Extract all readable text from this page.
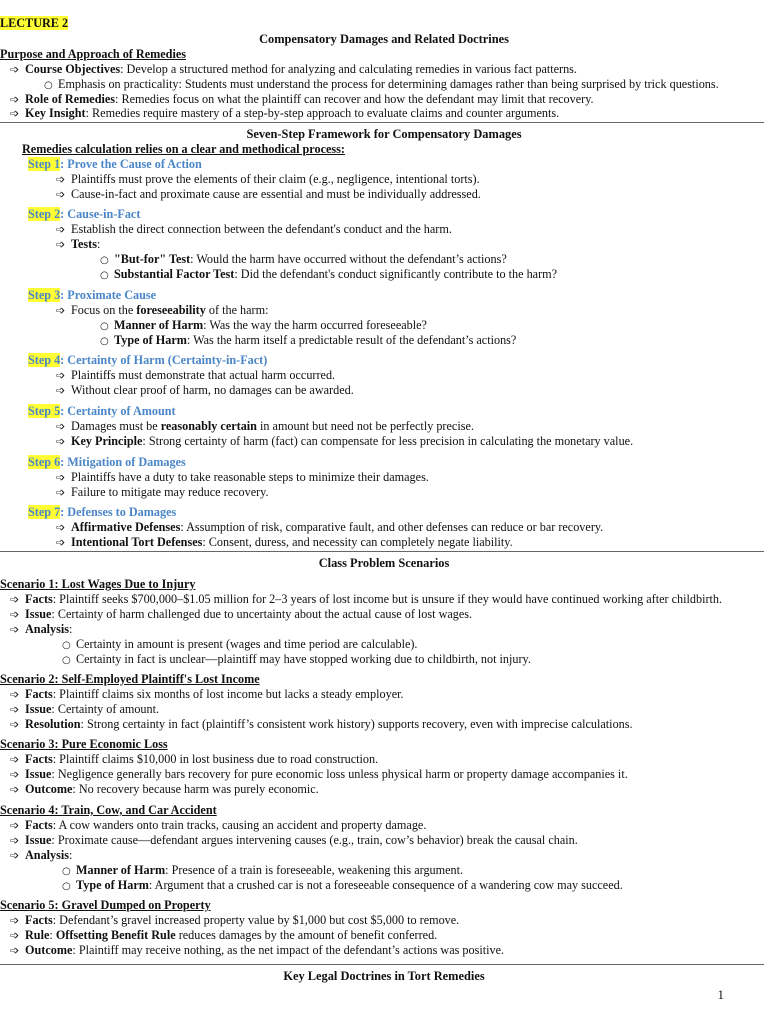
LECTURE 2
Compensatory Damages and Related Doctrines
Purpose and Approach of Remedies
➩ Course Objectives: Develop a structured method for analyzing and calculating remedies in various fact patterns.
○ Emphasis on practicality: Students must understand the process for determining damages rather than being surprised by trick questions.
➩ Role of Remedies: Remedies focus on what the plaintiff can recover and how the defendant may limit that recovery.
➩ Key Insight: Remedies require mastery of a step-by-step approach to evaluate claims and counter arguments.
Seven-Step Framework for Compensatory Damages
Remedies calculation relies on a clear and methodical process:
Step 1: Prove the Cause of Action
➩ Plaintiffs must prove the elements of their claim (e.g., negligence, intentional torts).
➩ Cause-in-fact and proximate cause are essential and must be individually addressed.
Step 2: Cause-in-Fact
➩ Establish the direct connection between the defendant's conduct and the harm.
➩ Tests:
○ "But-for" Test: Would the harm have occurred without the defendant’s actions?
○ Substantial Factor Test: Did the defendant's conduct significantly contribute to the harm?
Step 3: Proximate Cause
➩ Focus on the foreseeability of the harm:
○ Manner of Harm: Was the way the harm occurred foreseeable?
○ Type of Harm: Was the harm itself a predictable result of the defendant’s actions?
Step 4: Certainty of Harm (Certainty-in-Fact)
➩ Plaintiffs must demonstrate that actual harm occurred.
➩ Without clear proof of harm, no damages can be awarded.
Step 5: Certainty of Amount
➩ Damages must be reasonably certain in amount but need not be perfectly precise.
➩ Key Principle: Strong certainty of harm (fact) can compensate for less precision in calculating the monetary value.
Step 6: Mitigation of Damages
➩ Plaintiffs have a duty to take reasonable steps to minimize their damages.
➩ Failure to mitigate may reduce recovery.
Step 7: Defenses to Damages
➩ Affirmative Defenses: Assumption of risk, comparative fault, and other defenses can reduce or bar recovery.
➩ Intentional Tort Defenses: Consent, duress, and necessity can completely negate liability.
Class Problem Scenarios
Scenario 1: Lost Wages Due to Injury
➩ Facts: Plaintiff seeks $700,000–$1.05 million for 2–3 years of lost income but is unsure if they would have continued working after childbirth.
➩ Issue: Certainty of harm challenged due to uncertainty about the actual cause of lost wages.
➩ Analysis:
○ Certainty in amount is present (wages and time period are calculable).
○ Certainty in fact is unclear—plaintiff may have stopped working due to childbirth, not injury.
Scenario 2: Self-Employed Plaintiff's Lost Income
➩ Facts: Plaintiff claims six months of lost income but lacks a steady employer.
➩ Issue: Certainty of amount.
➩ Resolution: Strong certainty in fact (plaintiff’s consistent work history) supports recovery, even with imprecise calculations.
Scenario 3: Pure Economic Loss
➩ Facts: Plaintiff claims $10,000 in lost business due to road construction.
➩ Issue: Negligence generally bars recovery for pure economic loss unless physical harm or property damage accompanies it.
➩ Outcome: No recovery because harm was purely economic.
Scenario 4: Train, Cow, and Car Accident
➩ Facts: A cow wanders onto train tracks, causing an accident and property damage.
➩ Issue: Proximate cause—defendant argues intervening causes (e.g., train, cow’s behavior) break the causal chain.
➩ Analysis:
○ Manner of Harm: Presence of a train is foreseeable, weakening this argument.
○ Type of Harm: Argument that a crushed car is not a foreseeable consequence of a wandering cow may succeed.
Scenario 5: Gravel Dumped on Property
➩ Facts: Defendant’s gravel increased property value by $1,000 but cost $5,000 to remove.
➩ Rule: Offsetting Benefit Rule reduces damages by the amount of benefit conferred.
➩ Outcome: Plaintiff may receive nothing, as the net impact of the defendant’s actions was positive.
Key Legal Doctrines in Tort Remedies
1
